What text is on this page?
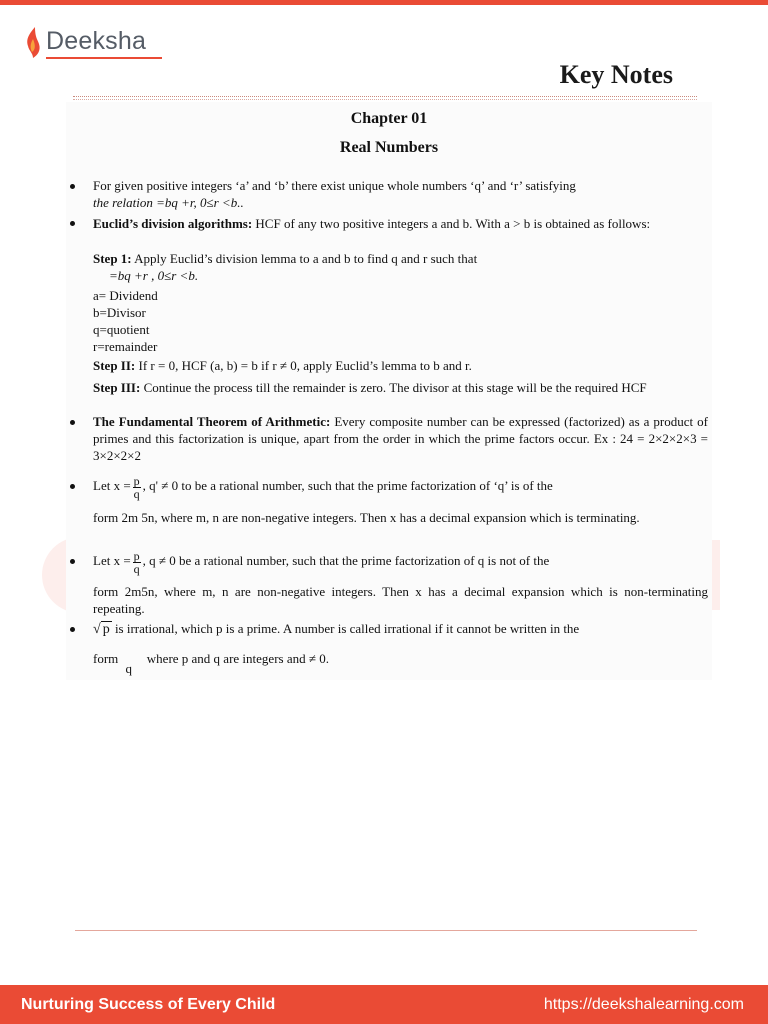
Deeksha
Key Notes
Chapter 01
Real Numbers
For given positive integers ‘a’ and ‘b’ there exist unique whole numbers ‘q’ and ‘r’ satisfying
the relation =bq +r, 0≤r <b..
Euclid’s division algorithms: HCF of any two positive integers a and b. With a > b is obtained as follows:
Step 1: Apply Euclid’s division lemma to a and b to find q and r such that
=bq +r , 0≤r <b.
a= Dividend
b=Divisor
q=quotient
r=remainder
Step II: If r = 0, HCF (a, b) = b if r ≠ 0, apply Euclid’s lemma to b and r.
Step III: Continue the process till the remainder is zero. The divisor at this stage will be the required HCF
The Fundamental Theorem of Arithmetic: Every composite number can be expressed (factorized) as a product of primes and this factorization is unique, apart from the order in which the prime factors occur. Ex : 24 = 2×2×2×3 = 3×2×2×2
Let $x = \frac{p}{q}$ , q' ≠ 0 to be a rational number, such that the prime factorization of ‘q’ is of the
form 2m 5n, where m, n are non-negative integers. Then x has a decimal expansion which is terminating.
Let $x = \frac{p}{q}$ , q ≠ 0 be a rational number, such that the prime factorization of q is not of the
form 2m5n, where m, n are non-negative integers. Then x has a decimal expansion which is non-terminating repeating.
√ p is irrational, which p is a prime. A number is called irrational if it cannot be written in the
form q where p and q are integers and ≠ 0.
Nurturing Success of Every Child	https://deekshalearning.com
